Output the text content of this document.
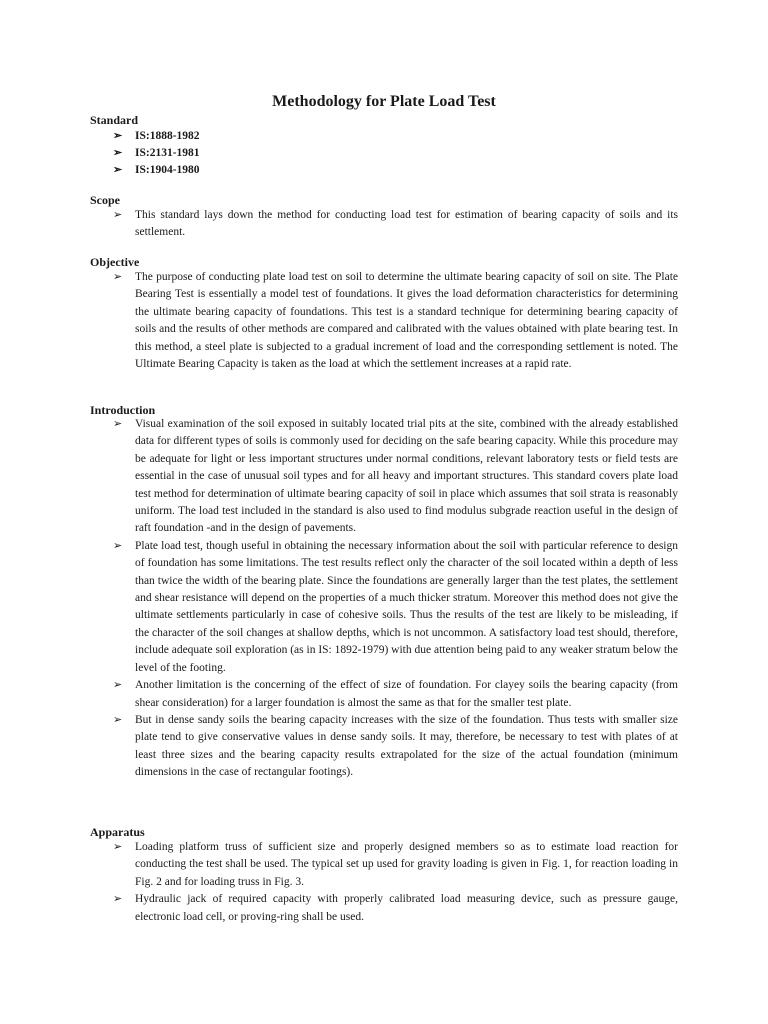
Methodology for Plate Load Test
Standard
➢ IS:1888-1982
➢ IS:2131-1981
➢ IS:1904-1980
Scope
➢ This standard lays down the method for conducting load test for estimation of bearing capacity of soils and its settlement.
Objective
➢ The purpose of conducting plate load test on soil to determine the ultimate bearing capacity of soil on site. The Plate Bearing Test is essentially a model test of foundations. It gives the load deformation characteristics for determining the ultimate bearing capacity of foundations. This test is a standard technique for determining bearing capacity of soils and the results of other methods are compared and calibrated with the values obtained with plate bearing test. In this method, a steel plate is subjected to a gradual increment of load and the corresponding settlement is noted. The Ultimate Bearing Capacity is taken as the load at which the settlement increases at a rapid rate.
Introduction
➢ Visual examination of the soil exposed in suitably located trial pits at the site, combined with the already established data for different types of soils is commonly used for deciding on the safe bearing capacity. While this procedure may be adequate for light or less important structures under normal conditions, relevant laboratory tests or field tests are essential in the case of unusual soil types and for all heavy and important structures. This standard covers plate load test method for determination of ultimate bearing capacity of soil in place which assumes that soil strata is reasonably uniform. The load test included in the standard is also used to find modulus subgrade reaction useful in the design of raft foundation -and in the design of pavements.
➢ Plate load test, though useful in obtaining the necessary information about the soil with particular reference to design of foundation has some limitations. The test results reflect only the character of the soil located within a depth of less than twice the width of the bearing plate. Since the foundations are generally larger than the test plates, the settlement and shear resistance will depend on the properties of a much thicker stratum. Moreover this method does not give the ultimate settlements particularly in case of cohesive soils. Thus the results of the test are likely to be misleading, if the character of the soil changes at shallow depths, which is not uncommon. A satisfactory load test should, therefore, include adequate soil exploration (as in IS: 1892-1979) with due attention being paid to any weaker stratum below the level of the footing.
➢ Another limitation is the concerning of the effect of size of foundation. For clayey soils the bearing capacity (from shear consideration) for a larger foundation is almost the same as that for the smaller test plate.
➢ But in dense sandy soils the bearing capacity increases with the size of the foundation. Thus tests with smaller size plate tend to give conservative values in dense sandy soils. It may, therefore, be necessary to test with plates of at least three sizes and the bearing capacity results extrapolated for the size of the actual foundation (minimum dimensions in the case of rectangular footings).
Apparatus
➢ Loading platform truss of sufficient size and properly designed members so as to estimate load reaction for conducting the test shall be used. The typical set up used for gravity loading is given in Fig. 1, for reaction loading in Fig. 2 and for loading truss in Fig. 3.
➢ Hydraulic jack of required capacity with properly calibrated load measuring device, such as pressure gauge, electronic load cell, or proving-ring shall be used.
